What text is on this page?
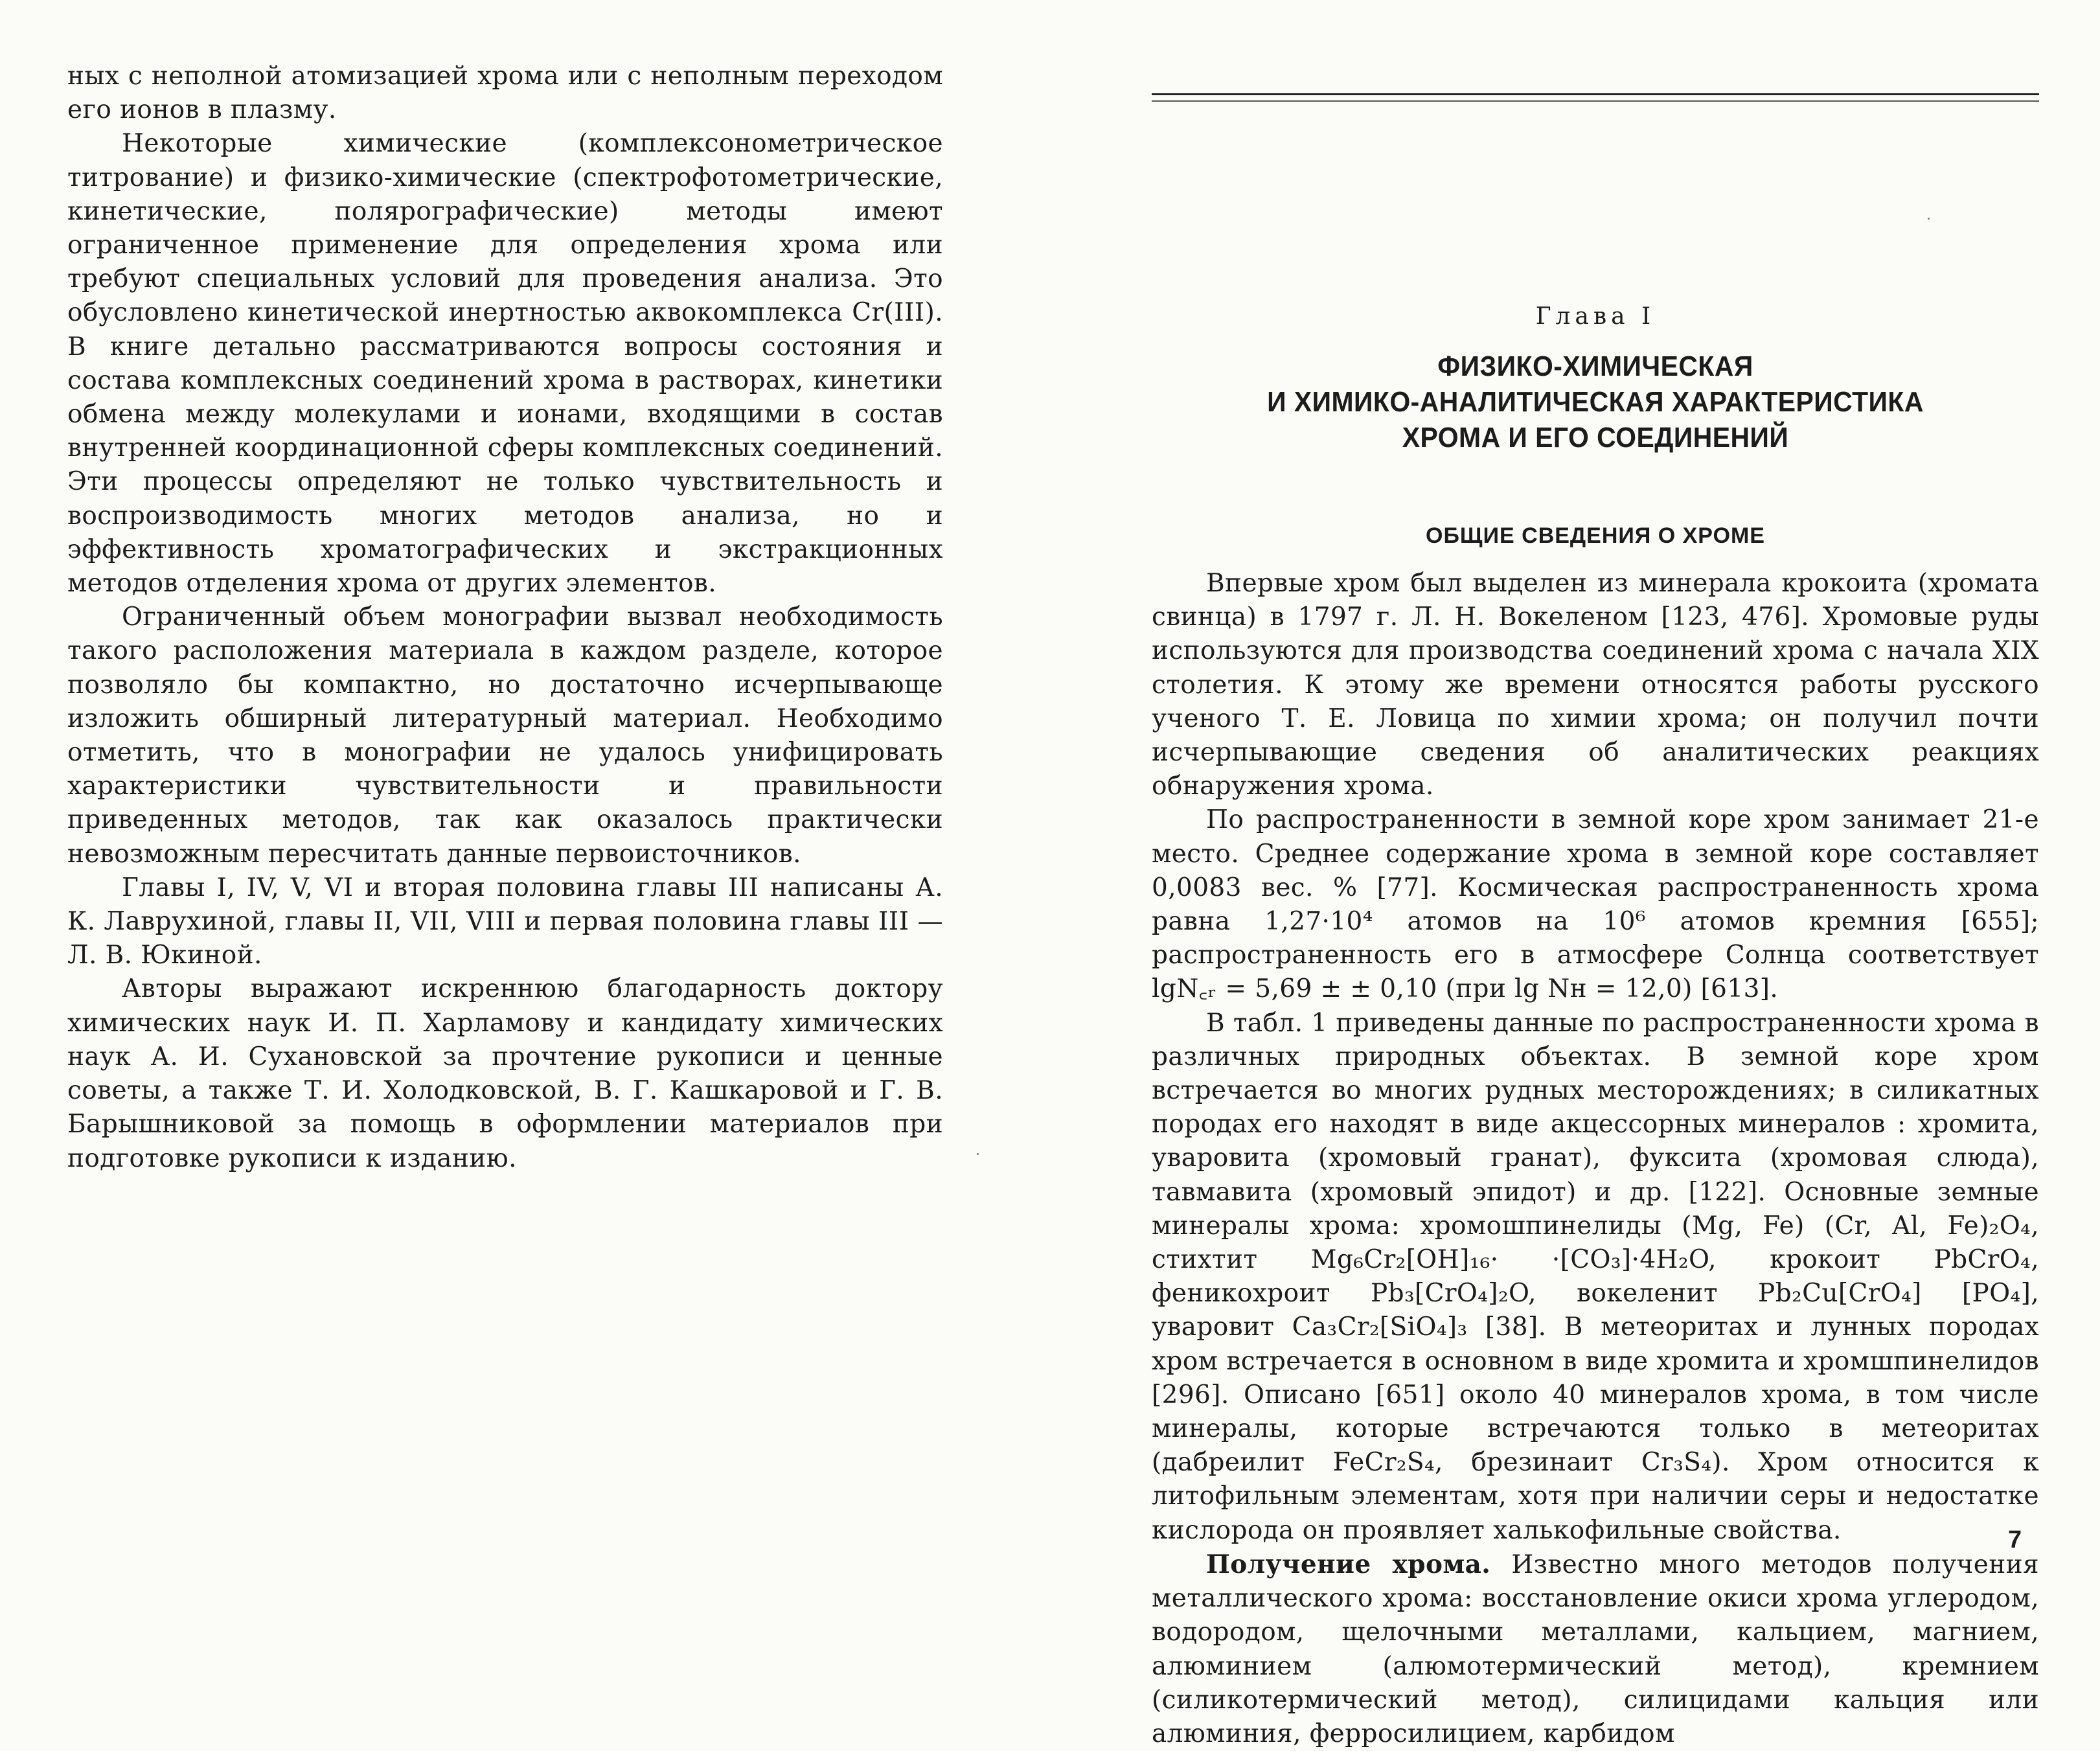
ных с неполной атомизацией хрома или с неполным переходом его ионов в плазму.

Некоторые химические (комплексонометрическое титрование) и физико-химические (спектрофотометрические, кинетические, полярографические) методы имеют ограниченное применение для определения хрома или требуют специальных условий для проведения анализа. Это обусловлено кинетической инертностью аквокомплекса Cr(III). В книге детально рассматриваются вопросы состояния и состава комплексных соединений хрома в растворах, кинетики обмена между молекулами и ионами, входящими в состав внутренней координационной сферы комплексных соединений. Эти процессы определяют не только чувствительность и воспроизводимость многих методов анализа, но и эффективность хроматографических и экстракционных методов отделения хрома от других элементов.

Ограниченный объем монографии вызвал необходимость такого расположения материала в каждом разделе, которое позволяло бы компактно, но достаточно исчерпывающе изложить обширный литературный материал. Необходимо отметить, что в монографии не удалось унифицировать характеристики чувствительности и правильности приведенных методов, так как оказалось практически невозможным пересчитать данные первоисточников.

Главы I, IV, V, VI и вторая половина главы III написаны А. К. Лаврухиной, главы II, VII, VIII и первая половина главы III — Л. В. Юкиной.

Авторы выражают искреннюю благодарность доктору химических наук И. П. Харламову и кандидату химических наук А. И. Сухановской за прочтение рукописи и ценные советы, а также Т. И. Холодковской, В. Г. Кашкаровой и Г. В. Барышниковой за помощь в оформлении материалов при подготовке рукописи к изданию.

Глава I
ФИЗИКО-ХИМИЧЕСКАЯ
И ХИМИКО-АНАЛИТИЧЕСКАЯ ХАРАКТЕРИСТИКА
ХРОМА И ЕГО СОЕДИНЕНИЙ
ОБЩИЕ СВЕДЕНИЯ О ХРОМЕ

Впервые хром был выделен из минерала крокоита (хромата свинца) в 1797 г. Л. Н. Вокеленом [123, 476]. Хромовые руды используются для производства соединений хрома с начала XIX столетия. К этому же времени относятся работы русского ученого Т. Е. Ловица по химии хрома; он получил почти исчерпывающие сведения об аналитических реакциях обнаружения хрома.

По распространенности в земной коре хром занимает 21-е место. Среднее содержание хрома в земной коре составляет 0,0083 вес. % [77]. Космическая распространенность хрома равна 1,27·10⁴ атомов на 10⁶ атомов кремния [655]; распространенность его в атмосфере Солнца соответствует lgN꜀ᵣ = 5,69 ± ± 0,10 (при lg Nн = 12,0) [613].

В табл. 1 приведены данные по распространенности хрома в различных природных объектах. В земной коре хром встречается во многих рудных месторождениях; в силикатных породах его находят в виде акцессорных минералов : хромита, уваровита (хромовый гранат), фуксита (хромовая слюда), тавмавита (хромовый эпидот) и др. [122]. Основные земные минералы хрома: хромошпинелиды (Mg, Fe) (Cr, Al, Fe)₂O₄, стихтит Mg₆Cr₂[OH]₁₆· ·[CO₃]·4H₂O, крокоит PbCrO₄, феникохроит Pb₃[CrO₄]₂O, вокеленит Pb₂Cu[CrO₄] [PO₄], уваровит Ca₃Cr₂[SiO₄]₃ [38]. В метеоритах и лунных породах хром встречается в основном в виде хромита и хромшпинелидов [296]. Описано [651] около 40 минералов хрома, в том числе минералы, которые встречаются только в метеоритах (дабреилит FeCr₂S₄, брезинаит Cr₃S₄). Хром относится к литофильным элементам, хотя при наличии серы и недостатке кислорода он проявляет халькофильные свойства.

Получение хрома. Известно много методов получения металлического хрома: восстановление окиси хрома углеродом, водородом, щелочными металлами, кальцием, магнием, алюминием (алюмотермический метод), кремнием (силикотермический метод), силицидами кальция или алюминия, ферросилицием, карбидом

7
